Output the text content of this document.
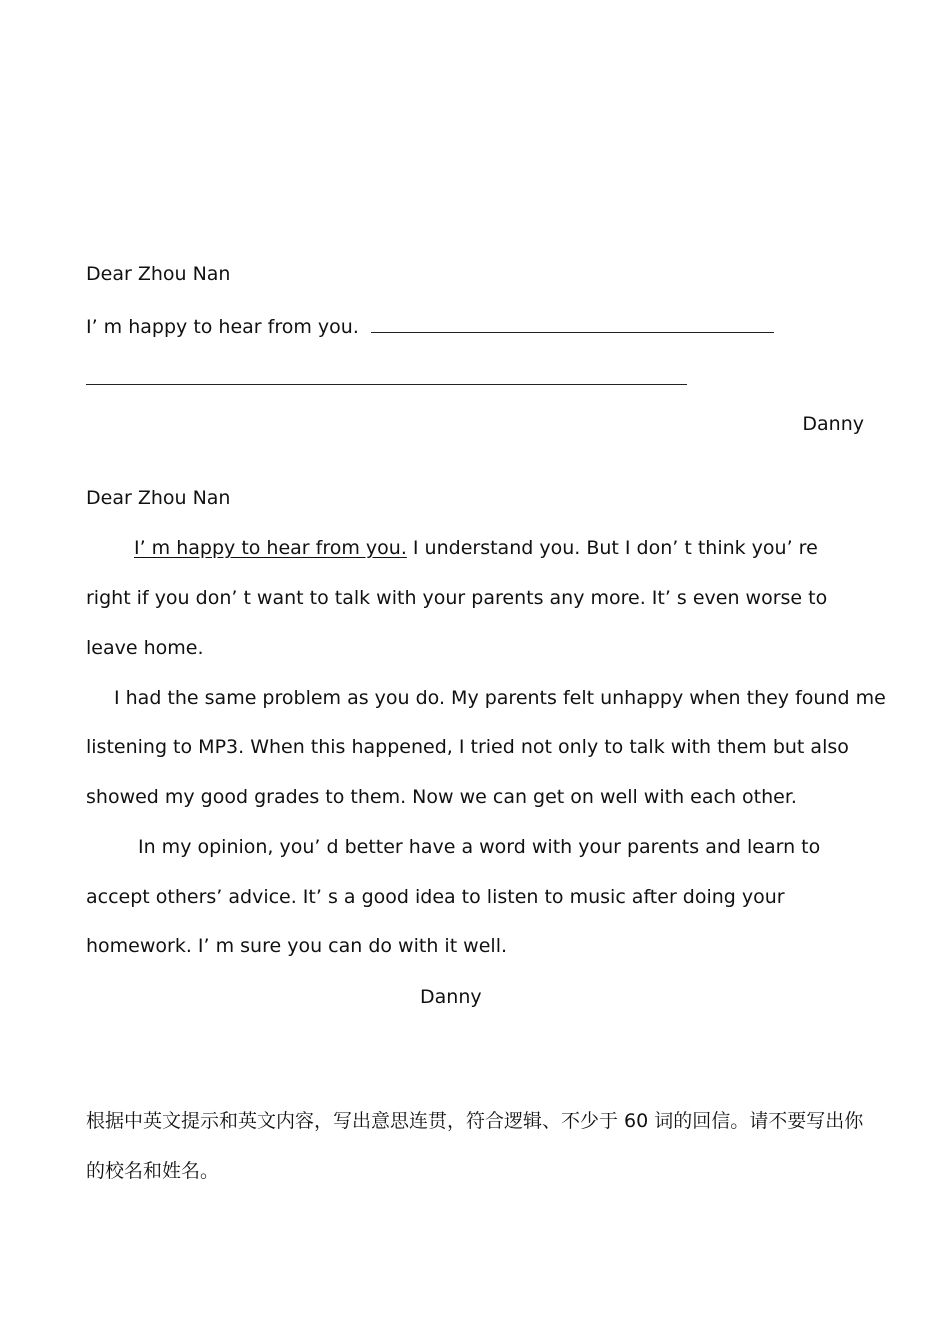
Dear Zhou Nan
I’ m happy to hear from you.
Danny
Dear Zhou Nan
I’ m happy to hear from you. I understand you. But I don’ t think you’ re
right if you don’ t want to talk with your parents any more. It’ s even worse to
leave home.
I had the same problem as you do. My parents felt unhappy when they found me
listening to MP3. When this happened, I tried not only to talk with them but also
showed my good grades to them. Now we can get on well with each other.
In my opinion, you’ d better have a word with your parents and learn to
accept others’ advice. It’ s a good idea to listen to music after doing your
homework. I’ m sure you can do with it well.
Danny
根据中英文提示和英文内容，写出意思连贯，符合逻辑、不少于 60 词的回信。请不要写出你
的校名和姓名。
